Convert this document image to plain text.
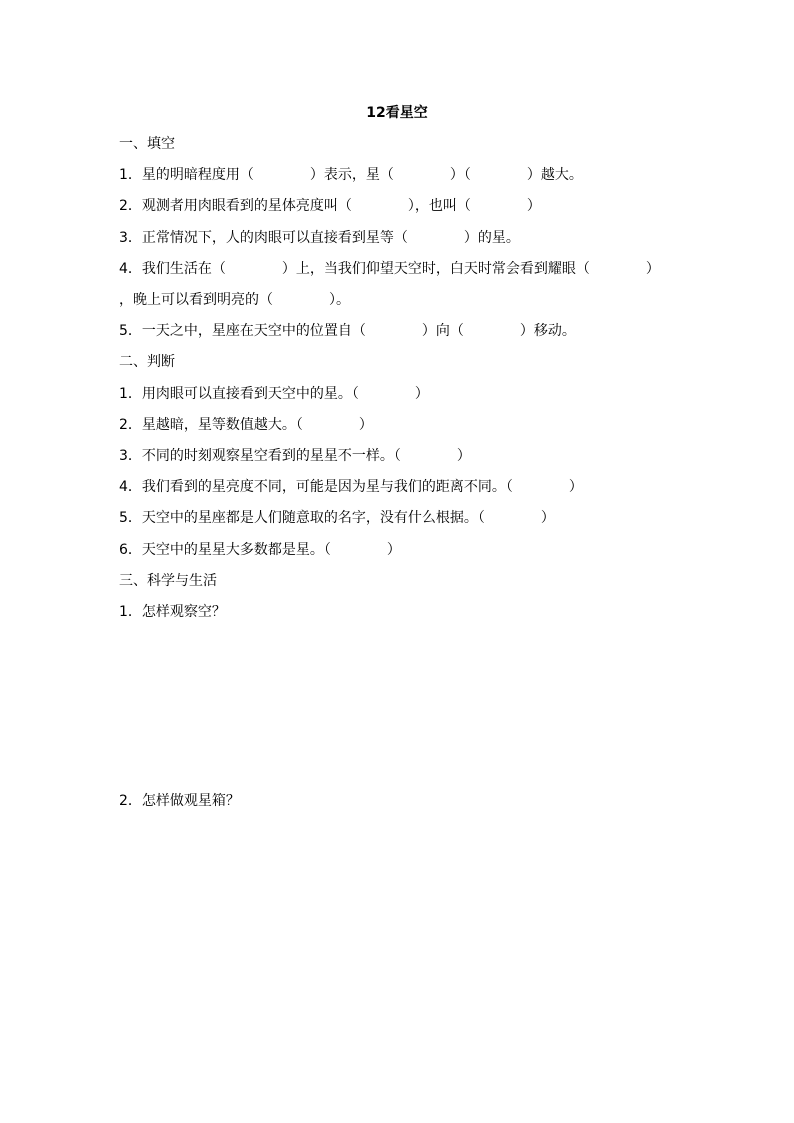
12看星空
一、填空
1．星的明暗程度用（　　　　）表示，星（　　　　）（　　　　）越大。
2．观测者用肉眼看到的星体亮度叫（　　　　），也叫（　　　　）
3．正常情况下，人的肉眼可以直接看到星等（　　　　）的星。
4．我们生活在（　　　　）上，当我们仰望天空时，白天时常会看到耀眼（　　　　）
，晚上可以看到明亮的（　　　　）。
5．一天之中，星座在天空中的位置自（　　　　）向（　　　　）移动。
二、判断
1．用肉眼可以直接看到天空中的星。（　　　　）
2．星越暗，星等数值越大。（　　　　）
3．不同的时刻观察星空看到的星星不一样。（　　　　）
4．我们看到的星亮度不同，可能是因为星与我们的距离不同。（　　　　）
5．天空中的星座都是人们随意取的名字，没有什么根据。（　　　　）
6．天空中的星星大多数都是星。（　　　　）
三、科学与生活
1．怎样观察空？
2．怎样做观星箱？
